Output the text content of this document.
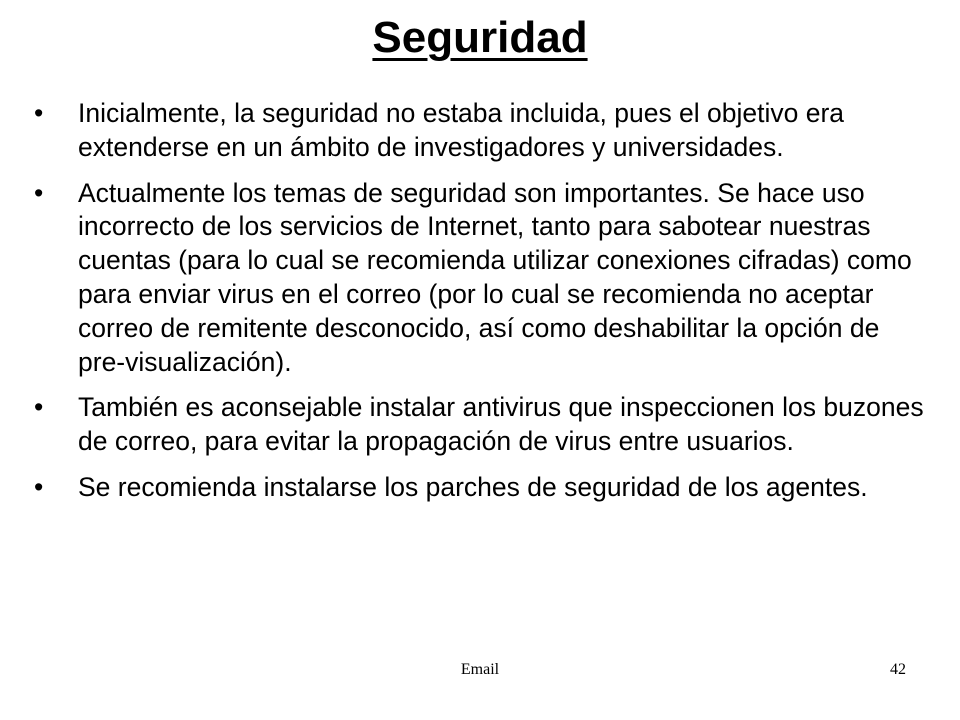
Seguridad
•	Inicialmente, la seguridad no estaba incluida, pues el objetivo era extenderse en un ámbito de investigadores y universidades.
•	Actualmente los temas de seguridad son importantes. Se hace uso incorrecto de los servicios de Internet, tanto para sabotear nuestras cuentas (para lo cual se recomienda utilizar conexiones cifradas) como para enviar virus en el correo (por lo cual se recomienda no aceptar correo de remitente desconocido, así como deshabilitar la opción de pre-visualización).
•	También es aconsejable instalar antivirus que inspeccionen los buzones de correo, para evitar la propagación de virus entre usuarios.
•	Se recomienda instalarse los parches de seguridad de los agentes.
Email	42
